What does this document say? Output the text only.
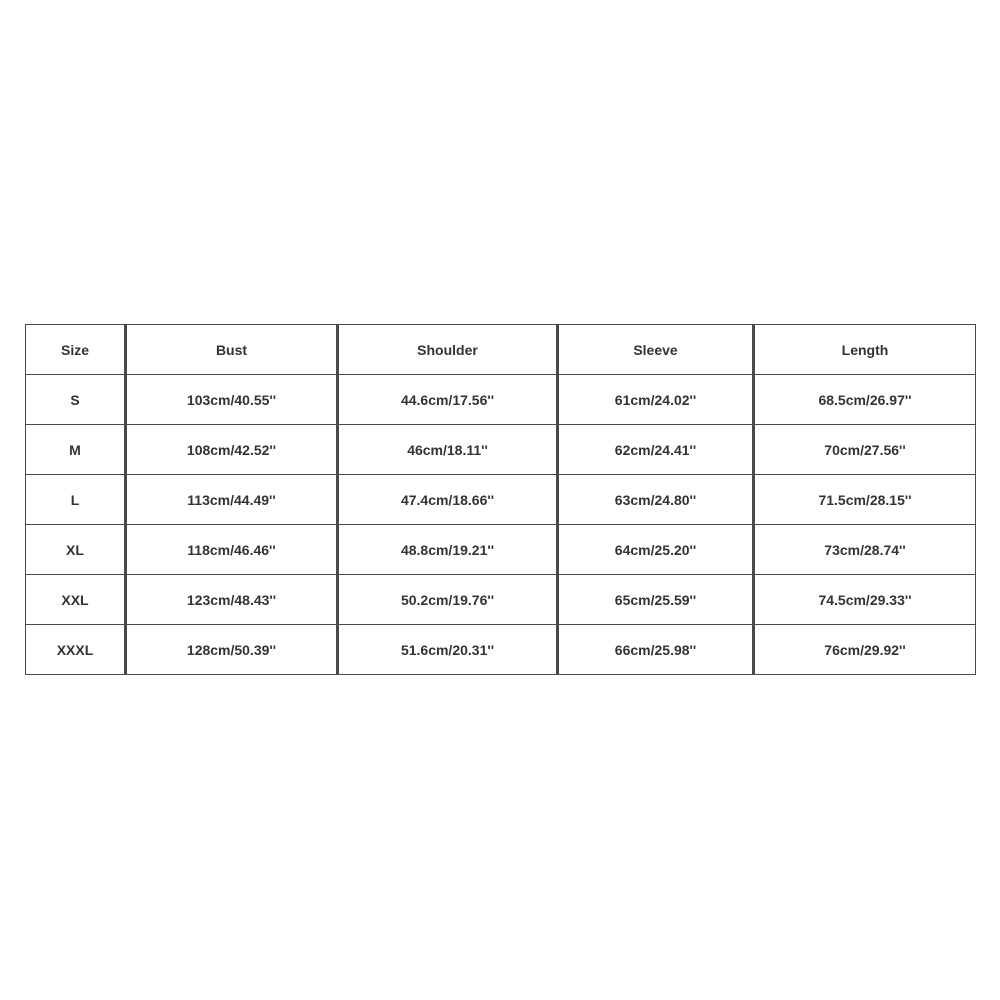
Size	Bust	Shoulder	Sleeve	Length
S	103cm/40.55''	44.6cm/17.56''	61cm/24.02''	68.5cm/26.97''
M	108cm/42.52''	46cm/18.11''	62cm/24.41''	70cm/27.56''
L	113cm/44.49''	47.4cm/18.66''	63cm/24.80''	71.5cm/28.15''
XL	118cm/46.46''	48.8cm/19.21''	64cm/25.20''	73cm/28.74''
XXL	123cm/48.43''	50.2cm/19.76''	65cm/25.59''	74.5cm/29.33''
XXXL	128cm/50.39''	51.6cm/20.31''	66cm/25.98''	76cm/29.92''
